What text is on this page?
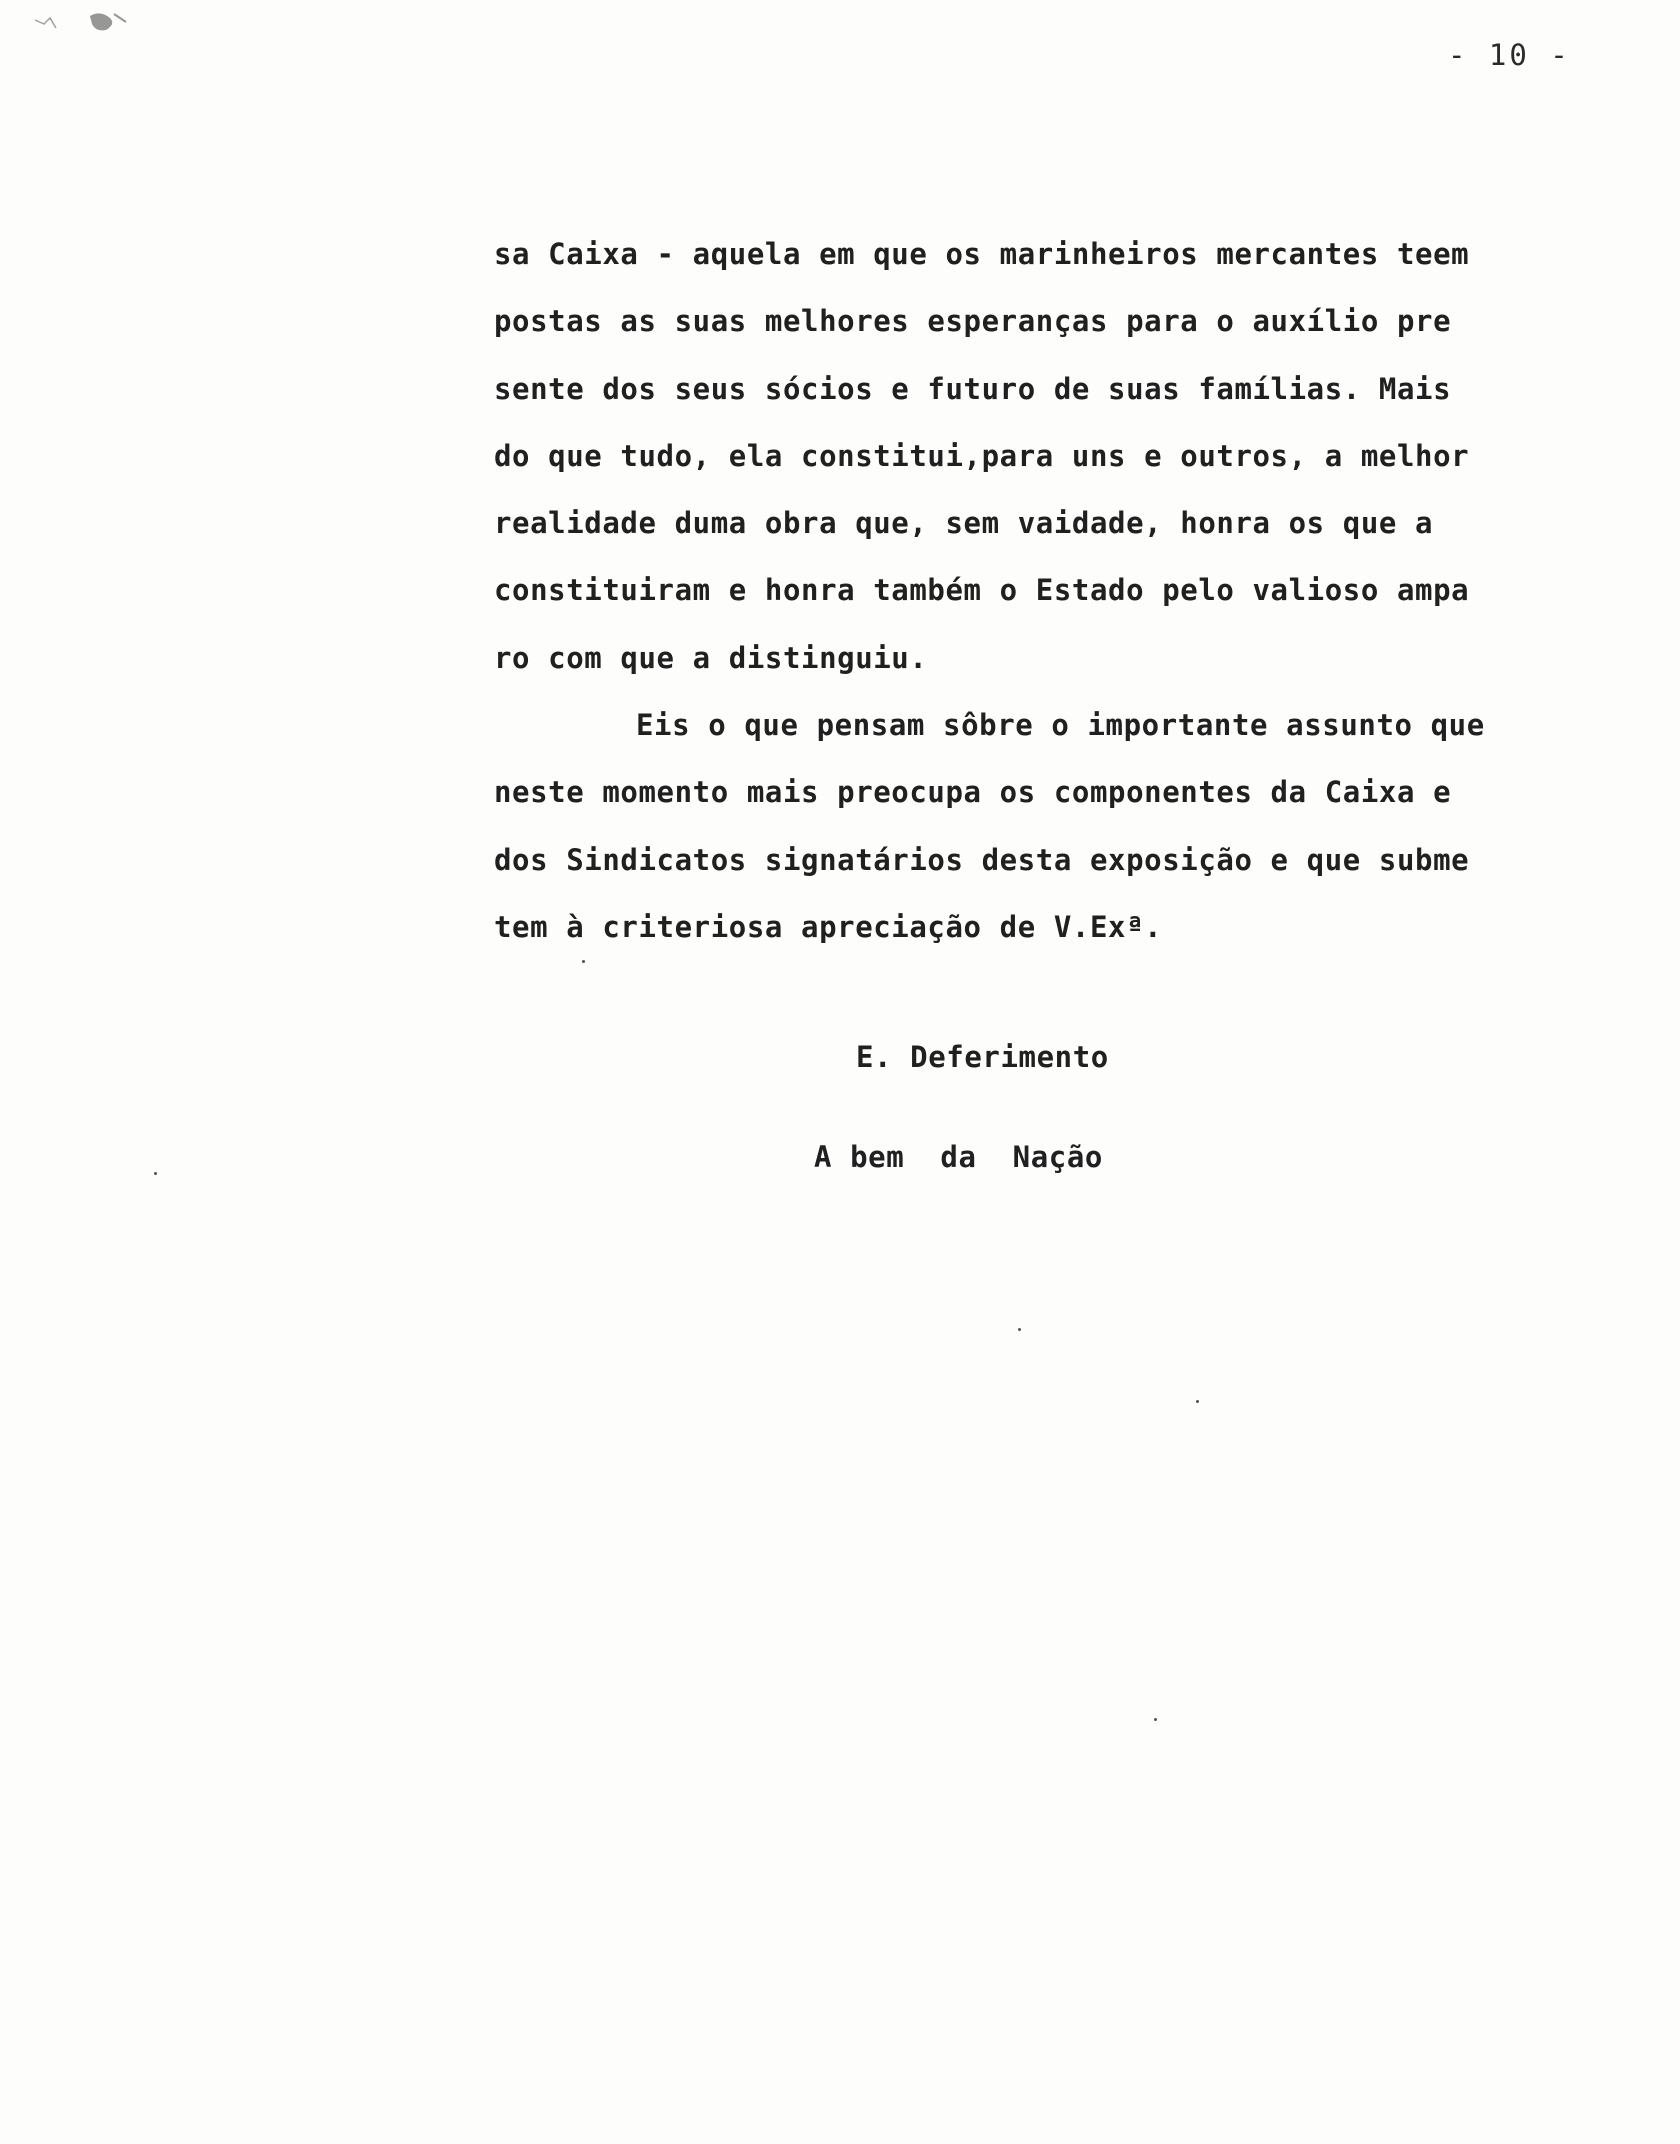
- 10 -
sa Caixa - aquela em que os marinheiros mercantes teem
postas as suas melhores esperanças para o auxílio pre
sente dos seus sócios e futuro de suas famílias. Mais
do que tudo, ela constitui,para uns e outros, a melhor
realidade duma obra que, sem vaidade, honra os que a
constituiram e honra também o Estado pelo valioso ampa
ro com que a distinguiu.
Eis o que pensam sôbre o importante assunto que
neste momento mais preocupa os componentes da Caixa e
dos Sindicatos signatários desta exposição e que subme
tem à criteriosa apreciação de V.Exª.
E. Deferimento
A bem  da  Nação
